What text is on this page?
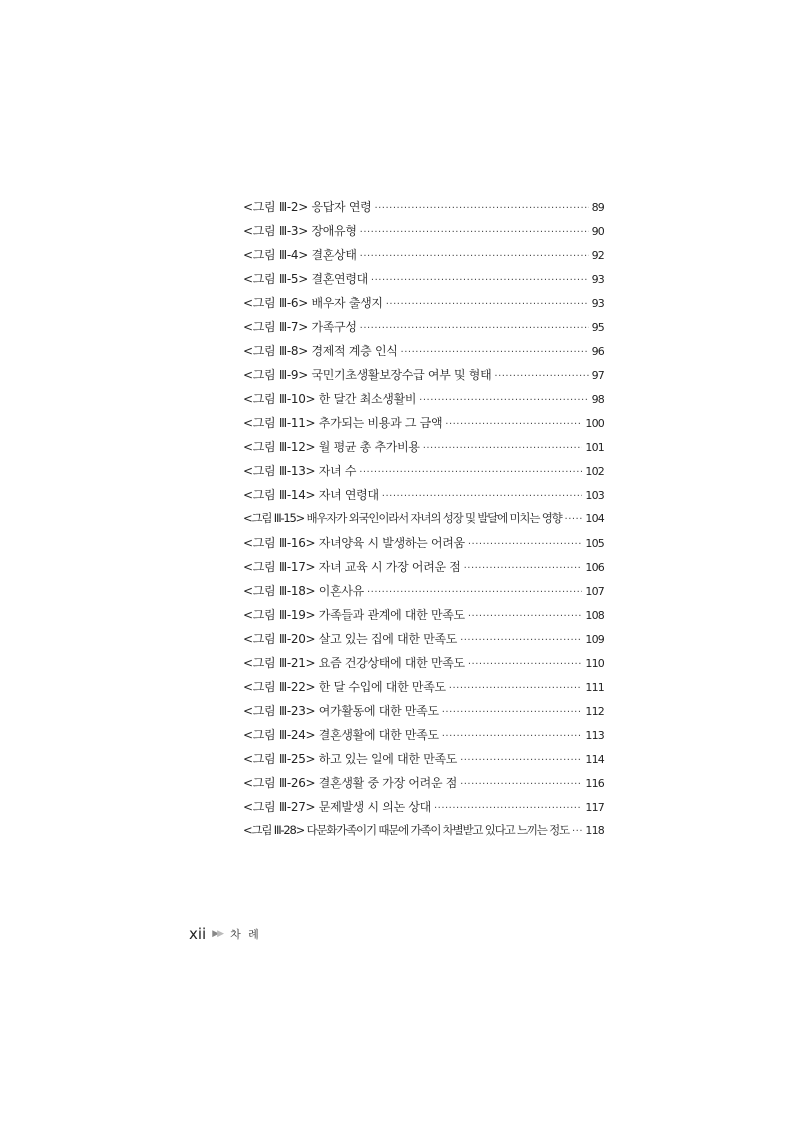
<그림 Ⅲ-2> 응답자 연령 ·····	89
<그림 Ⅲ-3> 장애유형 ·····	90
<그림 Ⅲ-4> 결혼상태 ·····	92
<그림 Ⅲ-5> 결혼연령대 ·····	93
<그림 Ⅲ-6> 배우자 출생지 ·····	93
<그림 Ⅲ-7> 가족구성 ·····	95
<그림 Ⅲ-8> 경제적 계층 인식 ·····	96
<그림 Ⅲ-9> 국민기초생활보장수급 여부 및 형태 ·····	97
<그림 Ⅲ-10> 한 달간 최소생활비 ·····	98
<그림 Ⅲ-11> 추가되는 비용과 그 금액 ·····	100
<그림 Ⅲ-12> 월 평균 총 추가비용 ·····	101
<그림 Ⅲ-13> 자녀 수 ·····	102
<그림 Ⅲ-14> 자녀 연령대 ·····	103
<그림 Ⅲ-15> 배우자가 외국인이라서 자녀의 성장 및 발달에 미치는 영향 ····· 104
<그림 Ⅲ-16> 자녀양육 시 발생하는 어려움 ·····	105
<그림 Ⅲ-17> 자녀 교육 시 가장 어려운 점 ·····	106
<그림 Ⅲ-18> 이혼사유 ·····	107
<그림 Ⅲ-19> 가족들과 관계에 대한 만족도 ·····	108
<그림 Ⅲ-20> 살고 있는 집에 대한 만족도 ·····	109
<그림 Ⅲ-21> 요즘 건강상태에 대한 만족도 ·····	110
<그림 Ⅲ-22> 한 달 수입에 대한 만족도 ·····	111
<그림 Ⅲ-23> 여가활동에 대한 만족도 ·····	112
<그림 Ⅲ-24> 결혼생활에 대한 만족도 ·····	113
<그림 Ⅲ-25> 하고 있는 일에 대한 만족도 ·····	114
<그림 Ⅲ-26> 결혼생활 중 가장 어려운 점 ·····	116
<그림 Ⅲ-27> 문제발생 시 의논 상대 ·····	117
<그림 Ⅲ-28> 다문화가족이기 때문에 가족이 차별받고 있다고 느끼는 정도 ····· 118
xii ▶▶ 차 례
